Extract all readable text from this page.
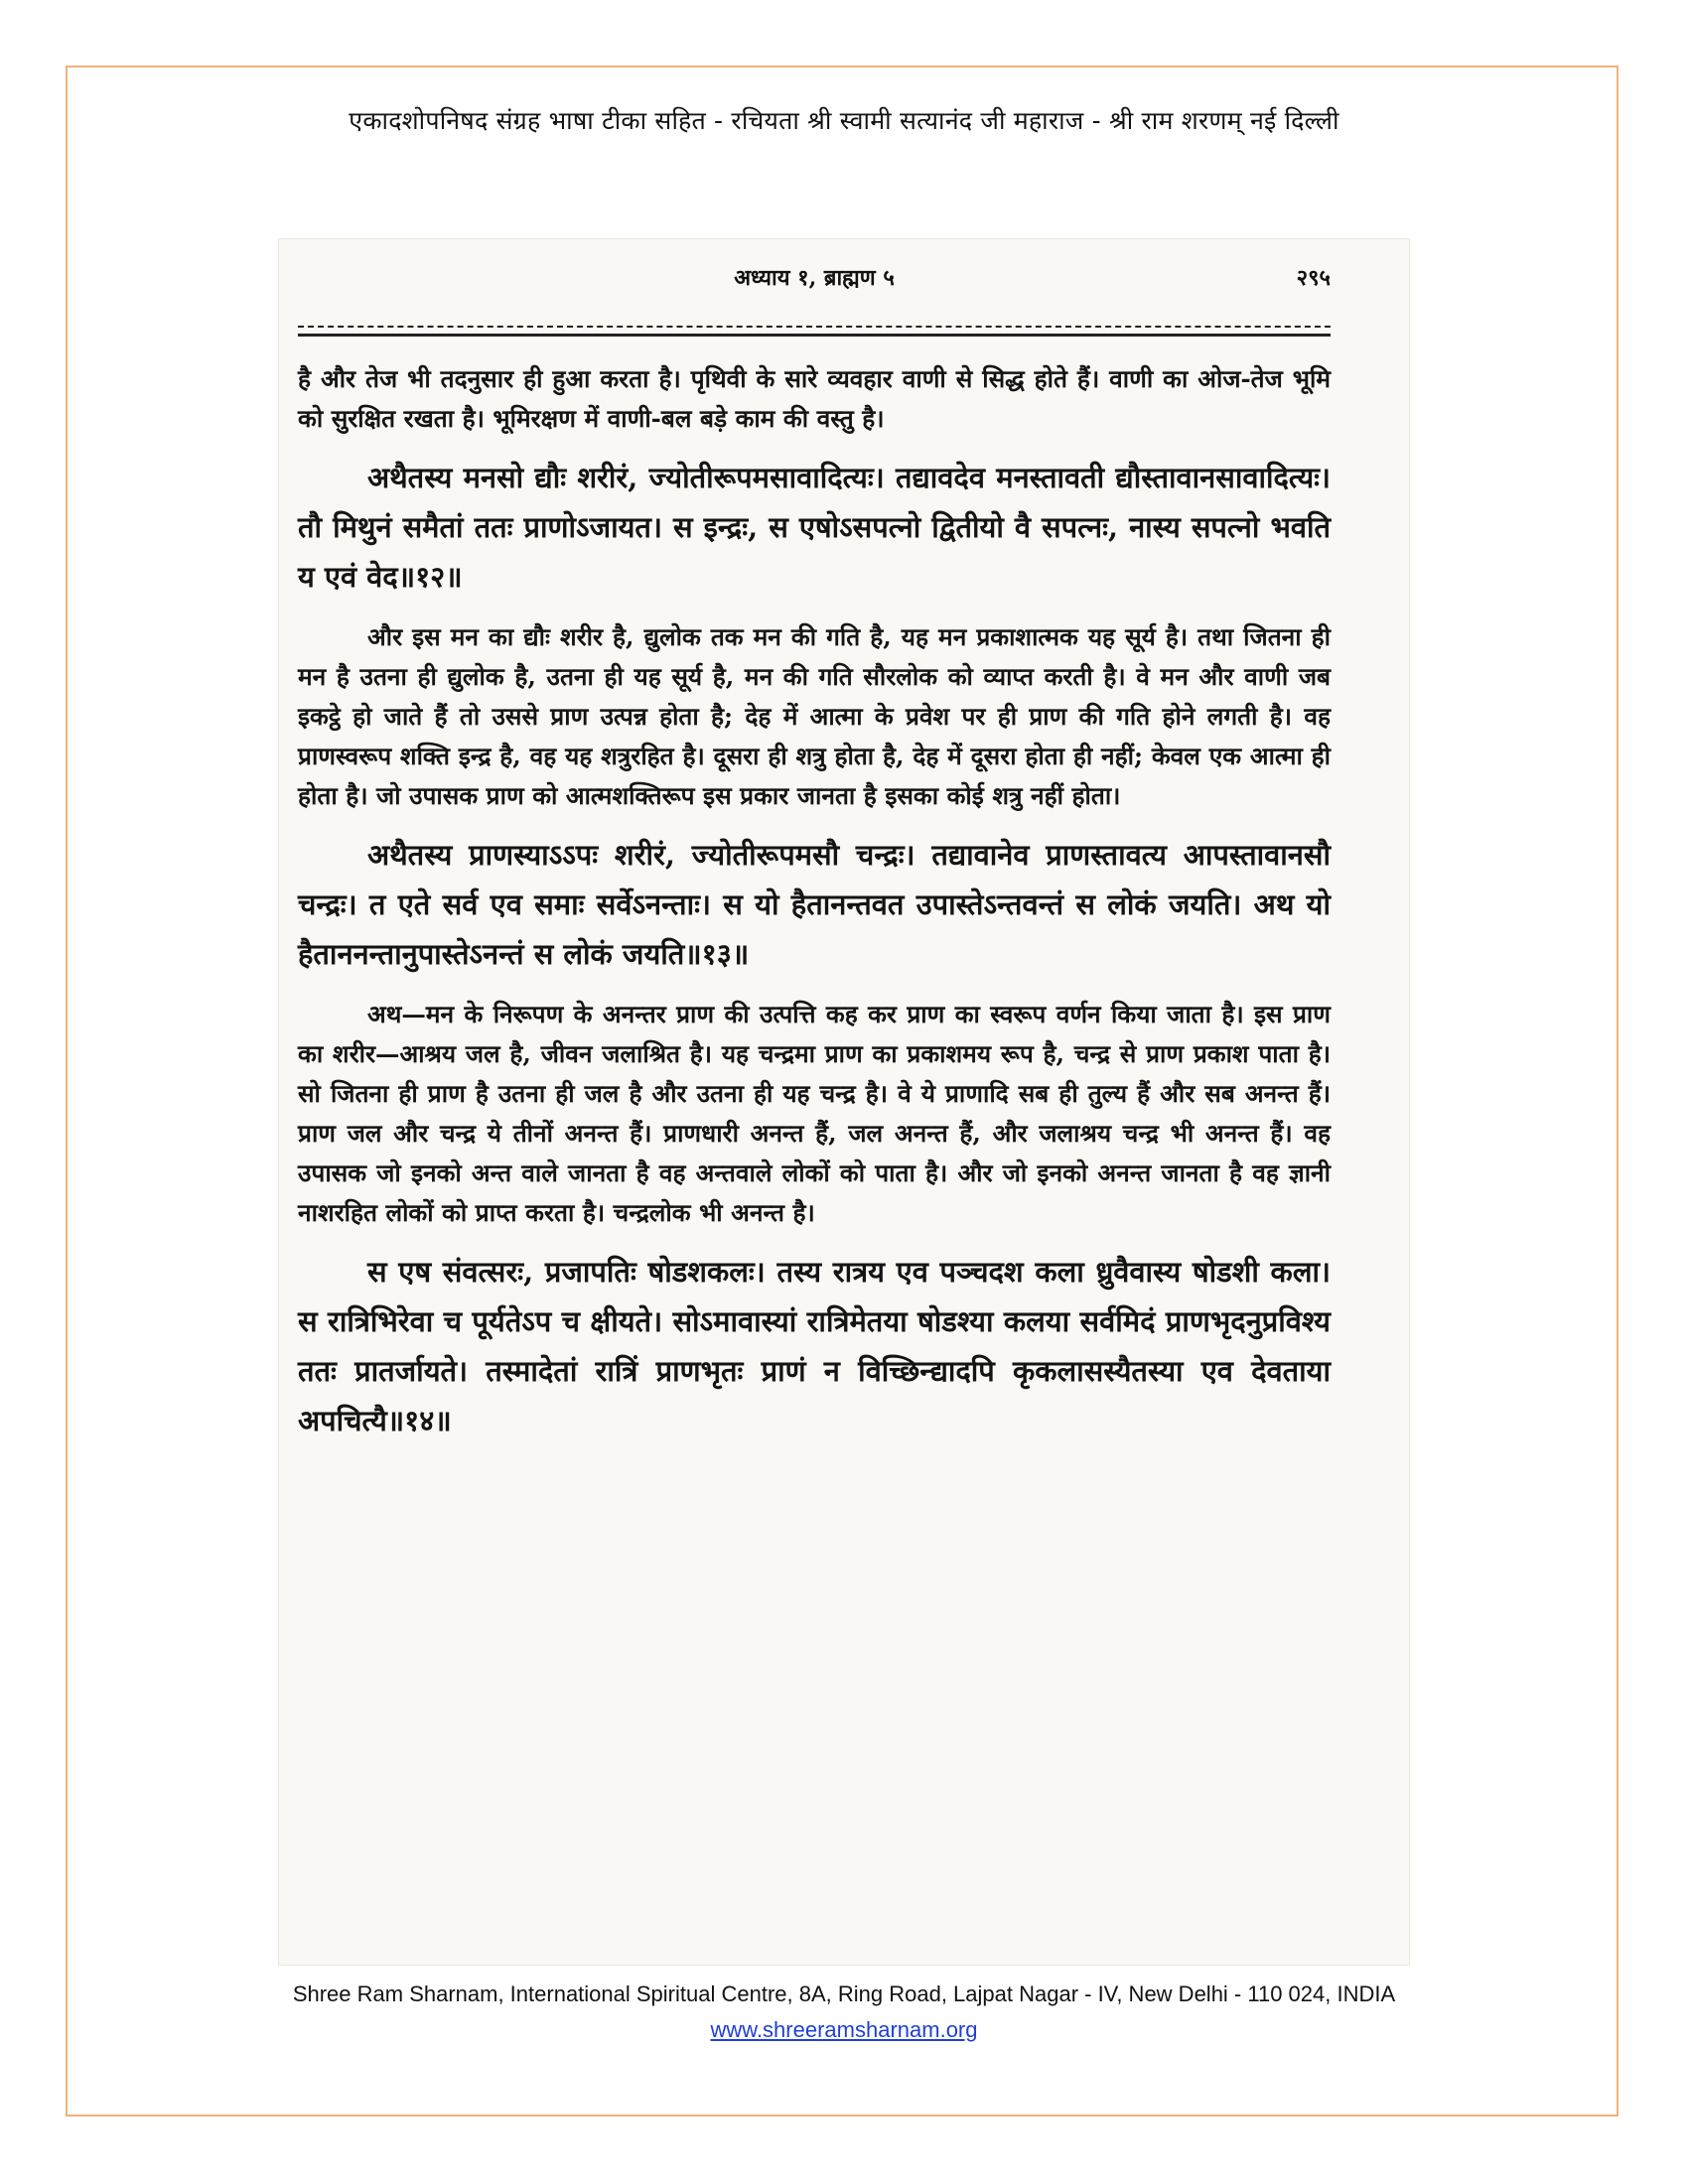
एकादशोपनिषद संग्रह भाषा टीका सहित - रचियता श्री स्वामी सत्यानंद जी महाराज - श्री राम शरणम् नई दिल्ली
अध्याय १, ब्राह्मण ५	२९५

है और तेज भी तदनुसार ही हुआ करता है। पृथिवी के सारे व्यवहार वाणी से सिद्ध होते हैं। वाणी का ओज-तेज भूमि को सुरक्षित रखता है। भूमिरक्षण में वाणी-बल बड़े काम की वस्तु है।

अथैतस्य मनसो द्यौः शरीरं, ज्योतीरूपमसावादित्यः। तद्यावदेव मनस्तावती द्यौस्तावानसावादित्यः। तौ मिथुनं समैतां ततः प्राणोऽजायत। स इन्द्रः, स एषोऽसपत्नो द्वितीयो वै सपत्नः, नास्य सपत्नो भवति य एवं वेद॥१२॥

और इस मन का द्यौः शरीर है, द्युलोक तक मन की गति है, यह मन प्रकाशात्मक यह सूर्य है। तथा जितना ही मन है उतना ही द्युलोक है, उतना ही यह सूर्य है, मन की गति सौरलोक को व्याप्त करती है। वे मन और वाणी जब इकट्ठे हो जाते हैं तो उससे प्राण उत्पन्न होता है; देह में आत्मा के प्रवेश पर ही प्राण की गति होने लगती है। वह प्राणस्वरूप शक्ति इन्द्र है, वह यह शत्रुरहित है। दूसरा ही शत्रु होता है, देह में दूसरा होता ही नहीं; केवल एक आत्मा ही होता है। जो उपासक प्राण को आत्मशक्तिरूप इस प्रकार जानता है इसका कोई शत्रु नहीं होता।

अथैतस्य प्राणस्याऽऽपः शरीरं, ज्योतीरूपमसौ चन्द्रः। तद्यावानेव प्राणस्तावत्य आपस्तावानसौ चन्द्रः। त एते सर्व एव समाः सर्वेऽनन्ताः। स यो हैतानन्तवत उपास्तेऽन्तवन्तं स लोकं जयति। अथ यो हैताननन्तानुपास्तेऽनन्तं स लोकं जयति॥१३॥

अथ—मन के निरूपण के अनन्तर प्राण की उत्पत्ति कह कर प्राण का स्वरूप वर्णन किया जाता है। इस प्राण का शरीर—आश्रय जल है, जीवन जलाश्रित है। यह चन्द्रमा प्राण का प्रकाशमय रूप है, चन्द्र से प्राण प्रकाश पाता है। सो जितना ही प्राण है उतना ही जल है और उतना ही यह चन्द्र है। वे ये प्राणादि सब ही तुल्य हैं और सब अनन्त हैं। प्राण जल और चन्द्र ये तीनों अनन्त हैं। प्राणधारी अनन्त हैं, जल अनन्त हैं, और जलाश्रय चन्द्र भी अनन्त हैं। वह उपासक जो इनको अन्त वाले जानता है वह अन्तवाले लोकों को पाता है। और जो इनको अनन्त जानता है वह ज्ञानी नाशरहित लोकों को प्राप्त करता है। चन्द्रलोक भी अनन्त है।

स एष संवत्सरः, प्रजापतिः षोडशकलः। तस्य रात्रय एव पञ्चदश कला ध्रुवैवास्य षोडशी कला। स रात्रिभिरेवा च पूर्यतेऽप च क्षीयते। सोऽमावास्यां रात्रिमेतया षोडश्या कलया सर्वमिदं प्राणभृदनुप्रविश्य ततः प्रातर्जायते। तस्मादेतां रात्रिं प्राणभृतः प्राणं न विच्छिन्द्यादपि कृकलासस्यैतस्या एव देवताया अपचित्यै॥१४॥

Shree Ram Sharnam, International Spiritual Centre, 8A, Ring Road, Lajpat Nagar - IV, New Delhi - 110 024, INDIA
www.shreeramsharnam.org
